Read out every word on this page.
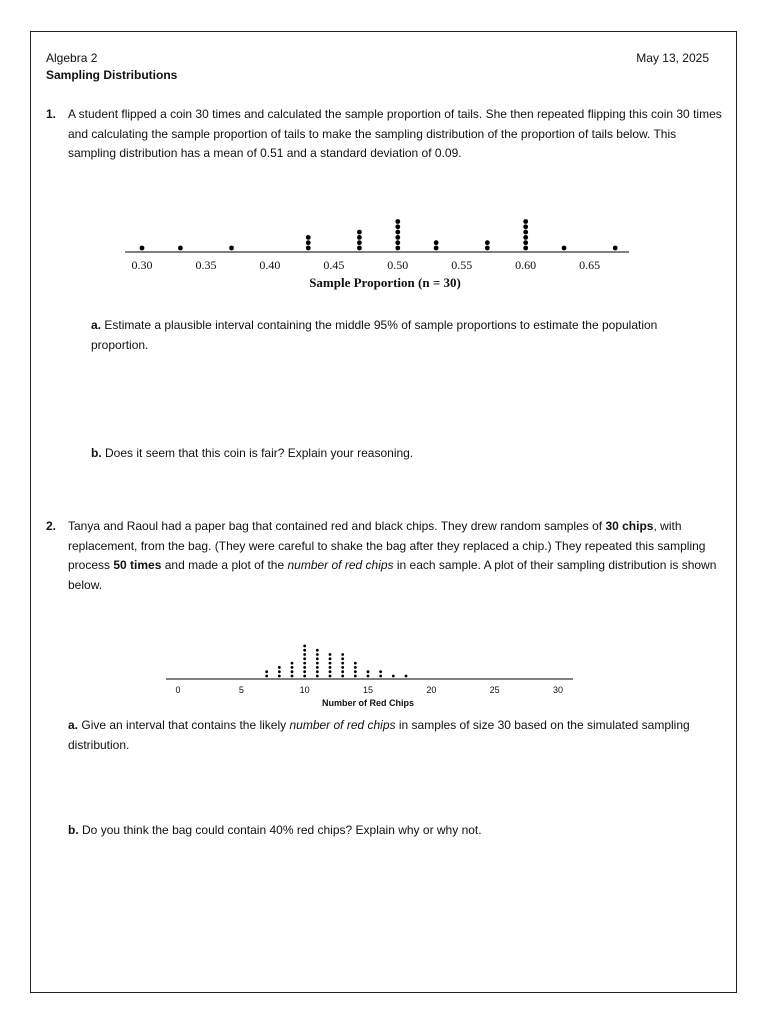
Algebra 2

Sampling Distributions

May 13, 2025

1. A student flipped a coin 30 times and calculated the sample proportion of tails. She then repeated flipping this coin 30 times and calculating the sample proportion of tails to make the sampling distribution of the proportion of tails below. This sampling distribution has a mean of 0.51 and a standard deviation of 0.09.

0.30	0.35	0.40	0.45	0.50	0.55	0.60	0.65
Sample Proportion (n = 30)

a. Estimate a plausible interval containing the middle 95% of sample proportions to estimate the population proportion.

b. Does it seem that this coin is fair? Explain your reasoning.

2. Tanya and Raoul had a paper bag that contained red and black chips. They drew random samples of 30 chips, with replacement, from the bag. (They were careful to shake the bag after they replaced a chip.) They repeated this sampling process 50 times and made a plot of the number of red chips in each sample. A plot of their sampling distribution is shown below.

0	5	10	15	20	25	30
Number of Red Chips

a. Give an interval that contains the likely number of red chips in samples of size 30 based on the simulated sampling distribution.

b. Do you think the bag could contain 40% red chips? Explain why or why not.
